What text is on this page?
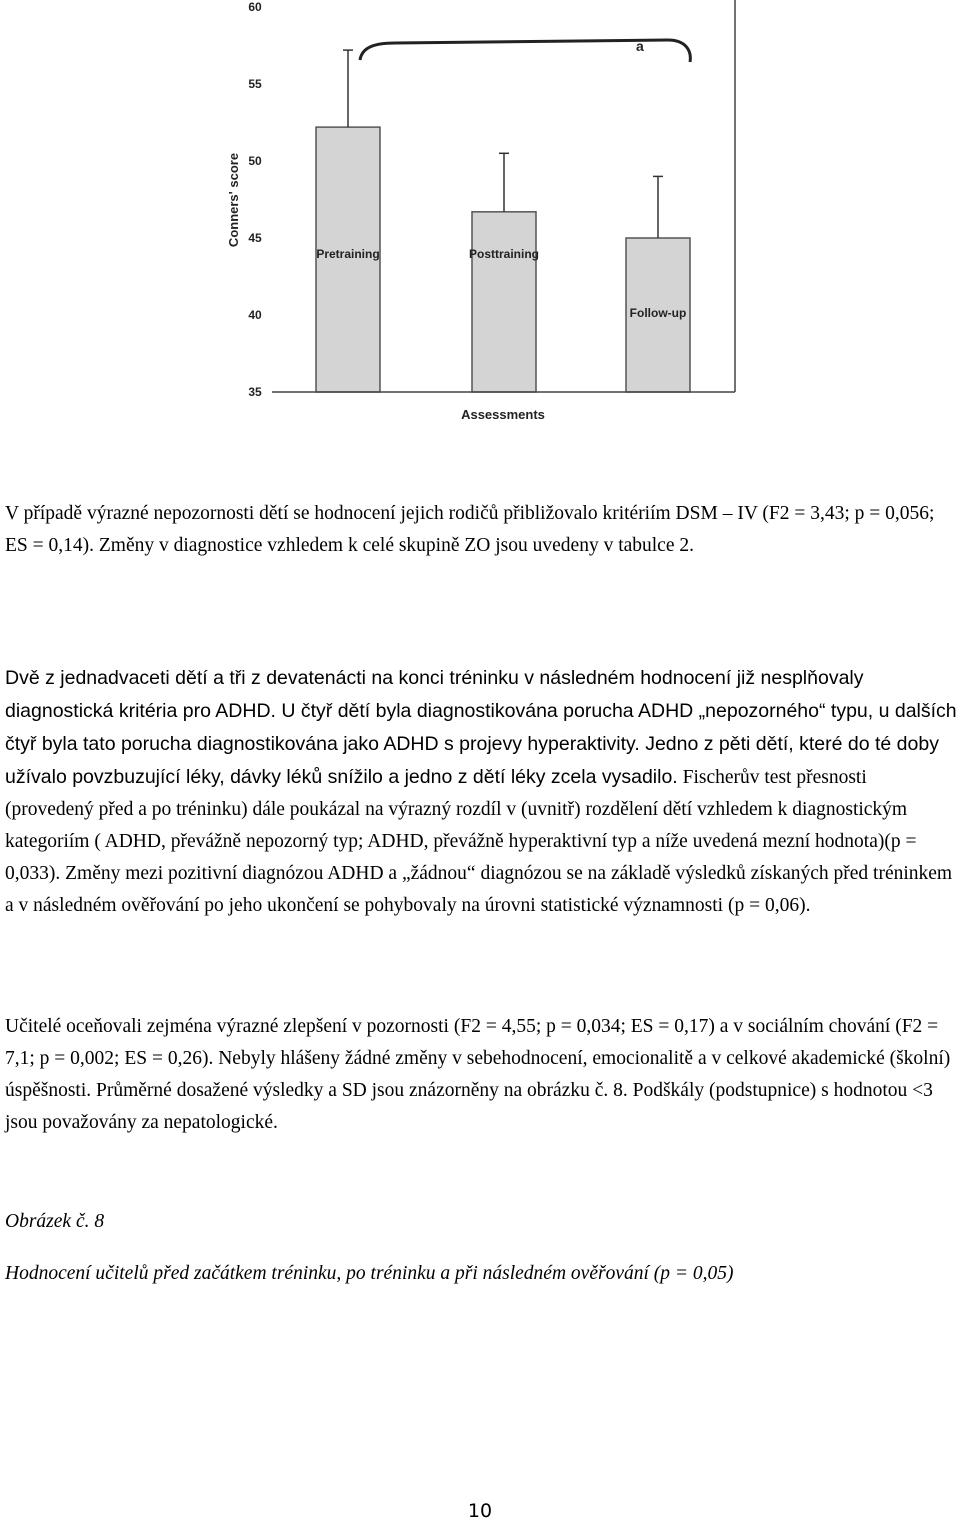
Conners' score
60
55
50
45
40
35
Pretraining	Posttraining
Follow-up
a
Assessments

V případě výrazné nepozornosti dětí se hodnocení jejich rodičů přibližovalo kritériím DSM – IV (F2 = 3,43; p = 0,056; ES = 0,14). Změny v diagnostice vzhledem k celé skupině ZO jsou uvedeny v tabulce 2.

Dvě z jednadvaceti dětí a tři z devatenácti na konci tréninku v následném hodnocení již nesplňovaly diagnostická kritéria pro ADHD. U čtyř dětí byla diagnostikována porucha ADHD „nepozorného“ typu, u dalších čtyř byla tato porucha diagnostikována jako ADHD s projevy hyperaktivity. Jedno z pěti dětí, které do té doby užívalo povzbuzující léky, dávky léků snížilo a jedno z dětí léky zcela vysadilo. Fischerův test přesnosti (provedený před a po tréninku) dále poukázal na výrazný rozdíl v (uvnitř) rozdělení dětí vzhledem k diagnostickým kategoriím ( ADHD, převážně nepozorný typ; ADHD, převážně hyperaktivní typ a níže uvedená mezní hodnota)(p = 0,033). Změny mezi pozitivní diagnózou ADHD a „žádnou“ diagnózou se na základě výsledků získaných před tréninkem a v následném ověřování po jeho ukončení se pohybovaly na úrovni statistické významnosti (p = 0,06).

Učitelé oceňovali zejména výrazné zlepšení v pozornosti (F2 = 4,55; p = 0,034; ES = 0,17) a v sociálním chování (F2 = 7,1; p = 0,002; ES = 0,26). Nebyly hlášeny žádné změny v sebehodnocení, emocionalitě a v celkové akademické (školní) úspěšnosti. Průměrné dosažené výsledky a SD jsou znázorněny na obrázku č. 8. Podškály (podstupnice) s hodnotou <3 jsou považovány za nepatologické.

Obrázek č. 8

Hodnocení učitelů před začátkem tréninku, po tréninku a při následném ověřování (p = 0,05)

10
